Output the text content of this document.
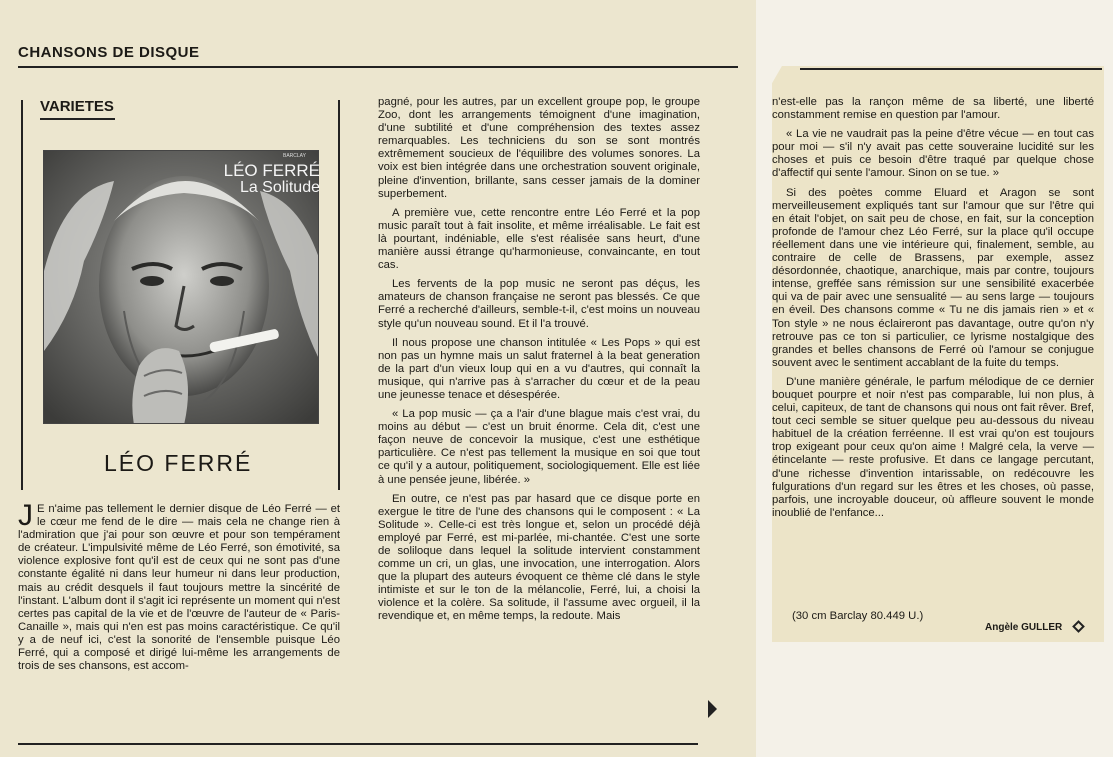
CHANSONS DE DISQUE
VARIETES
BARCLAY
LÉO FERRÉ
La Solitude
LÉO FERRÉ

J E n'aime pas tellement le dernier disque de Léo Ferré — et le cœur me fend de le dire — mais cela ne change rien à l'admiration que j'ai pour son œuvre et pour son tempérament de créateur. L'impulsivité même de Léo Ferré, son émotivité, sa violence explosive font qu'il est de ceux qui ne sont pas d'une constante égalité ni dans leur humeur ni dans leur production, mais au crédit desquels il faut toujours mettre la sincérité de l'instant. L'album dont il s'agit ici représente un moment qui n'est certes pas capital de la vie et de l'œuvre de l'auteur de « Paris-Canaille », mais qui n'en est pas moins caractéristique. Ce qu'il y a de neuf ici, c'est la sonorité de l'ensemble puisque Léo Ferré, qui a composé et dirigé lui-même les arrangements de trois de ses chansons, est accom-

pagné, pour les autres, par un excellent groupe pop, le groupe Zoo, dont les arrangements témoignent d'une imagination, d'une subtilité et d'une compréhension des textes assez remarquables. Les techniciens du son se sont montrés extrêmement soucieux de l'équilibre des volumes sonores. La voix est bien intégrée dans une orchestration souvent originale, pleine d'invention, brillante, sans cesser jamais de la dominer superbement.

A première vue, cette rencontre entre Léo Ferré et la pop music paraît tout à fait insolite, et même irréalisable. Le fait est là pourtant, indéniable, elle s'est réalisée sans heurt, d'une manière aussi étrange qu'harmonieuse, convaincante, en tout cas.

Les fervents de la pop music ne seront pas déçus, les amateurs de chanson française ne seront pas blessés. Ce que Ferré a recherché d'ailleurs, semble-t-il, c'est moins un nouveau style qu'un nouveau sound. Et il l'a trouvé.

Il nous propose une chanson intitulée « Les Pops » qui est non pas un hymne mais un salut fraternel à la beat generation de la part d'un vieux loup qui en a vu d'autres, qui connaît la musique, qui n'arrive pas à s'arracher du cœur et de la peau une jeunesse tenace et désespérée.

« La pop music — ça a l'air d'une blague mais c'est vrai, du moins au début — c'est un bruit énorme. Cela dit, c'est une façon neuve de concevoir la musique, c'est une esthétique particulière. Ce n'est pas tellement la musique en soi que tout ce qu'il y a autour, politiquement, sociologiquement. Elle est liée à une pensée jeune, libérée. »

En outre, ce n'est pas par hasard que ce disque porte en exergue le titre de l'une des chansons qui le composent : « La Solitude ». Celle-ci est très longue et, selon un procédé déjà employé par Ferré, est mi-parlée, mi-chantée. C'est une sorte de soliloque dans lequel la solitude intervient constamment comme un cri, un glas, une invocation, une interrogation. Alors que la plupart des auteurs évoquent ce thème clé dans le style intimiste et sur le ton de la mélancolie, Ferré, lui, a choisi la violence et la colère. Sa solitude, il l'assume avec orgueil, il la revendique et, en même temps, la redoute. Mais

n'est-elle pas la rançon même de sa liberté, une liberté constamment remise en question par l'amour.

« La vie ne vaudrait pas la peine d'être vécue — en tout cas pour moi — s'il n'y avait pas cette souveraine lucidité sur les choses et puis ce besoin d'être traqué par quelque chose d'affectif qui sente l'amour. Sinon on se tue. »

Si des poètes comme Eluard et Aragon se sont merveilleusement expliqués tant sur l'amour que sur l'être qui en était l'objet, on sait peu de chose, en fait, sur la conception profonde de l'amour chez Léo Ferré, sur la place qu'il occupe réellement dans une vie intérieure qui, finalement, semble, au contraire de celle de Brassens, par exemple, assez désordonnée, chaotique, anarchique, mais par contre, toujours intense, greffée sans rémission sur une sensibilité exacerbée qui va de pair avec une sensualité — au sens large — toujours en éveil. Des chansons comme « Tu ne dis jamais rien » et « Ton style » ne nous éclaireront pas davantage, outre qu'on n'y retrouve pas ce ton si particulier, ce lyrisme nostalgique des grandes et belles chansons de Ferré où l'amour se conjugue souvent avec le sentiment accablant de la fuite du temps.

D'une manière générale, le parfum mélodique de ce dernier bouquet pourpre et noir n'est pas comparable, lui non plus, à celui, capiteux, de tant de chansons qui nous ont fait rêver. Bref, tout ceci semble se situer quelque peu au-dessous du niveau habituel de la création ferréenne. Il est vrai qu'on est toujours trop exigeant pour ceux qu'on aime ! Malgré cela, la verve — étincelante — reste profusive. Et dans ce langage percutant, d'une richesse d'invention intarissable, on redécouvre les fulgurations d'un regard sur les êtres et les choses, où passe, parfois, une incroyable douceur, où affleure souvent le monde inoublié de l'enfance...

(30 cm Barclay 80.449 U.)
Angèle GULLER
